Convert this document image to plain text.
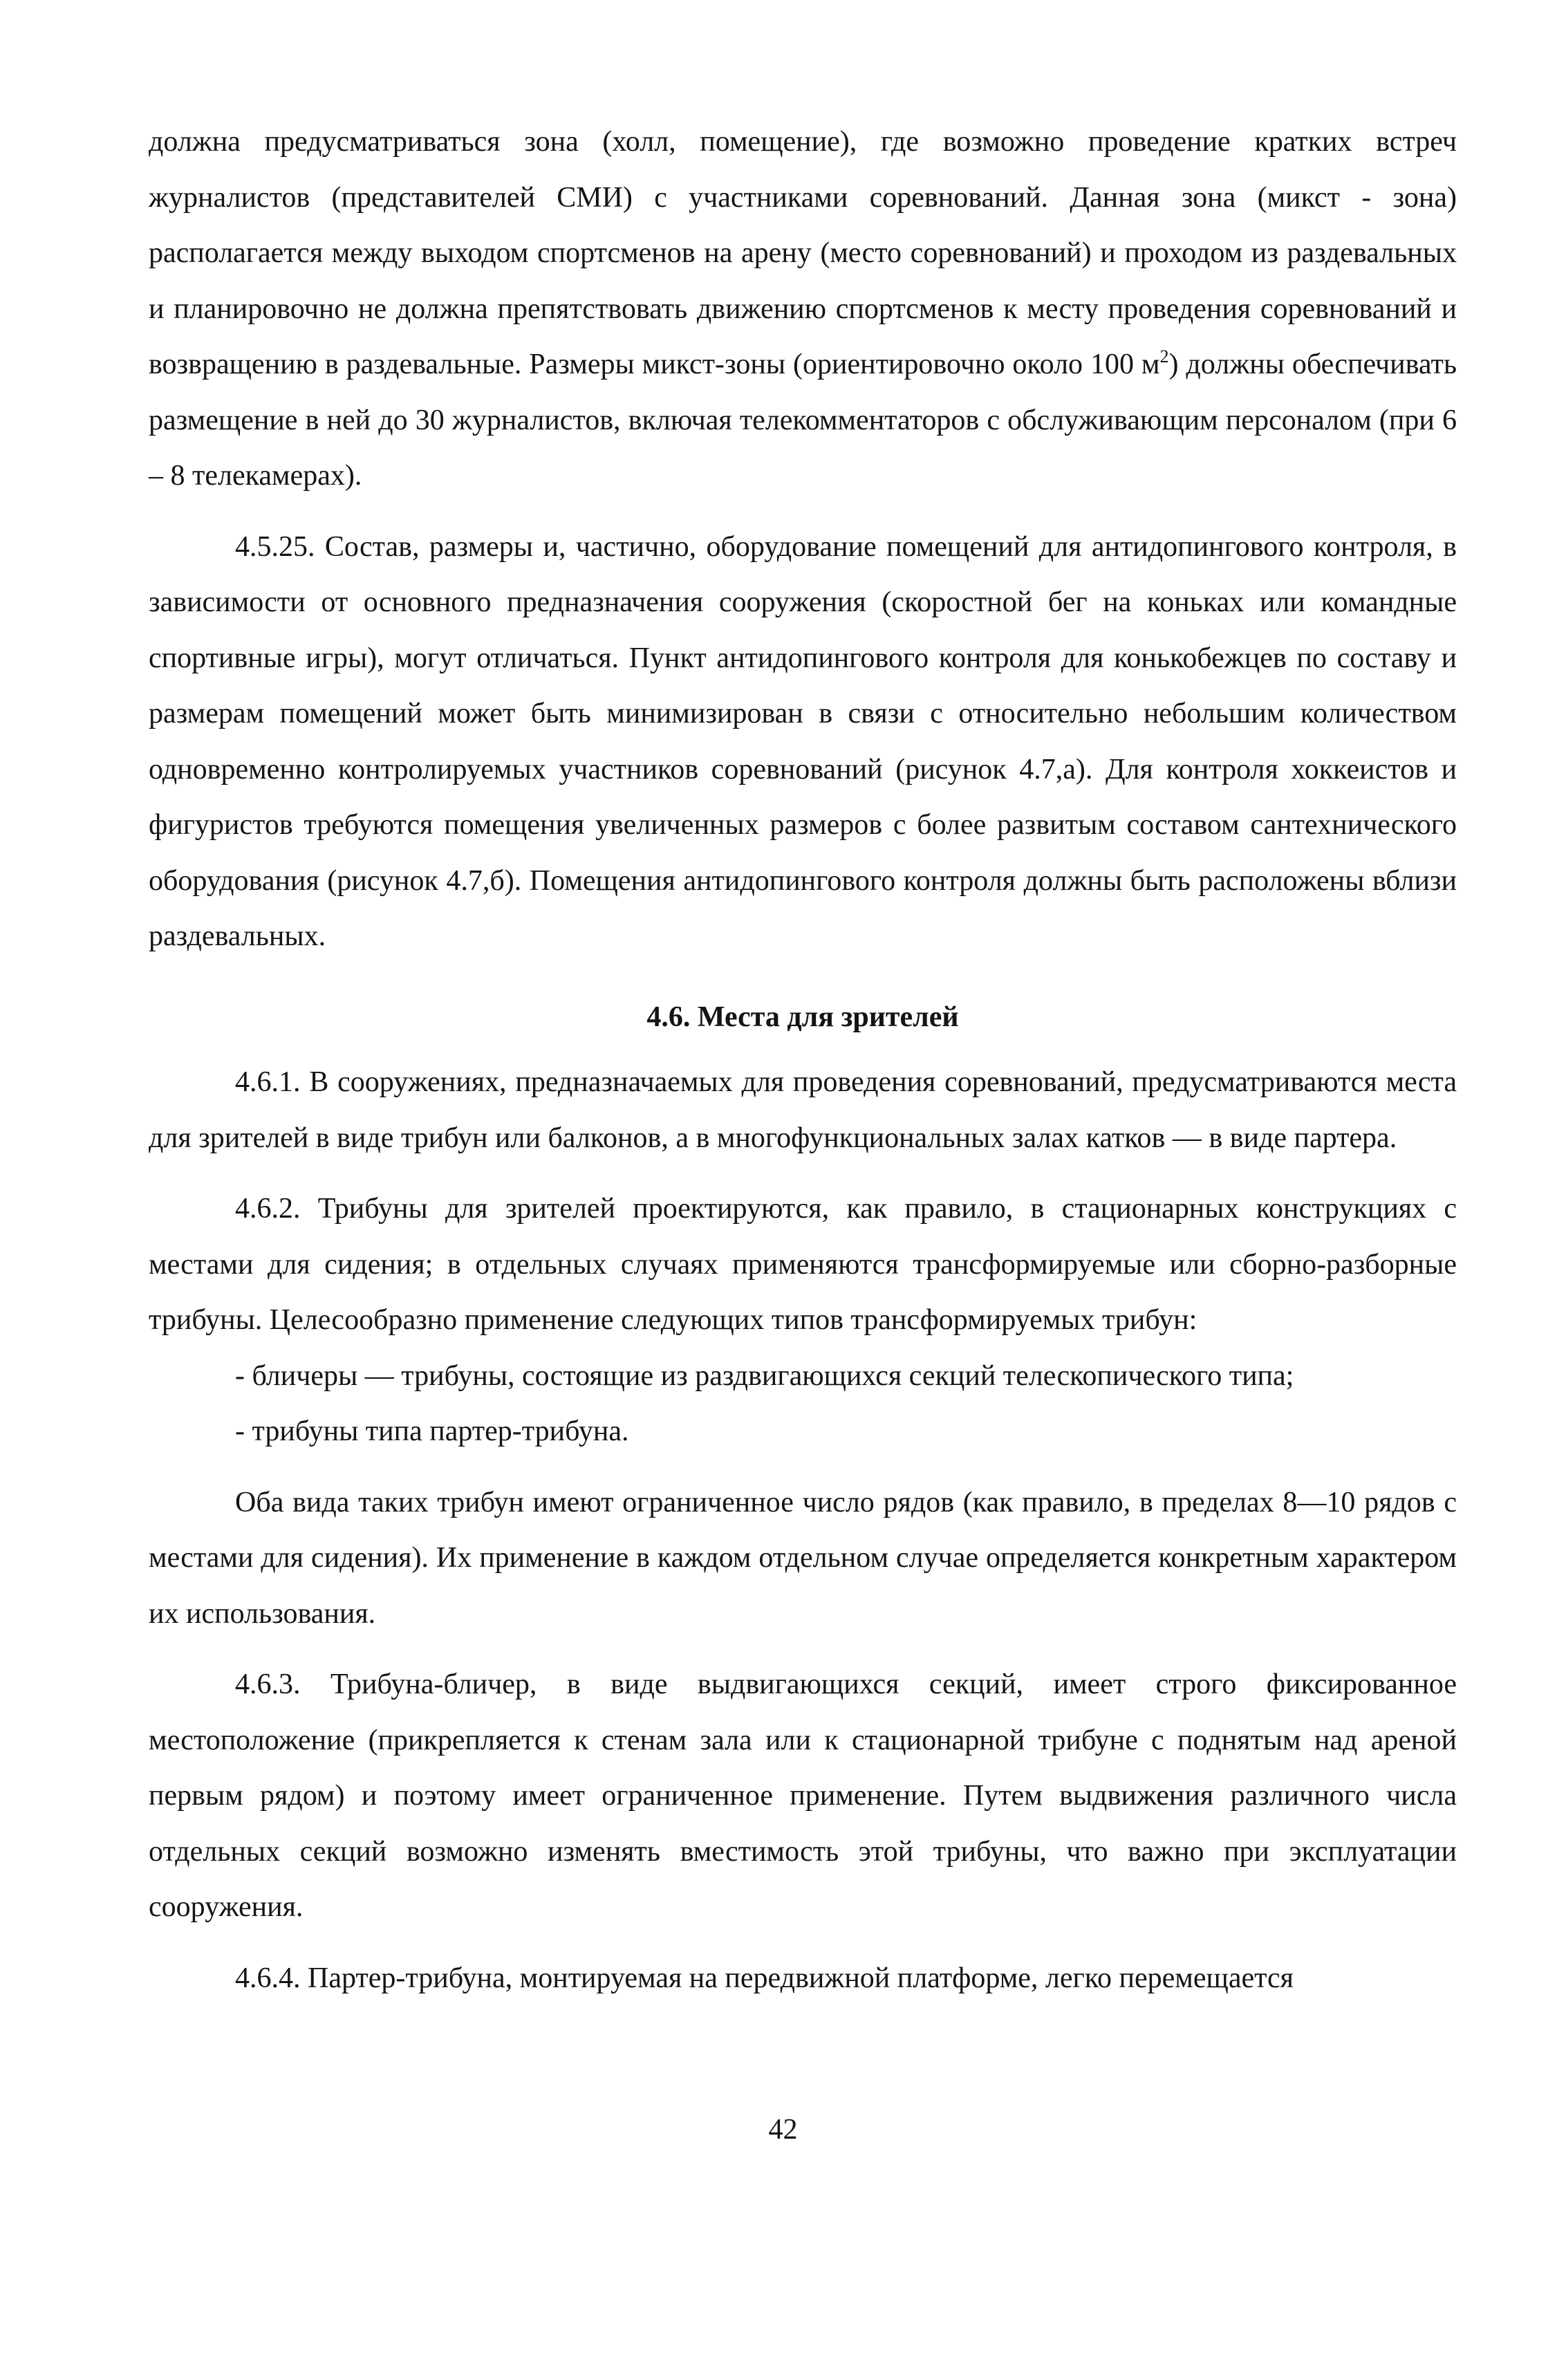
должна предусматриваться зона (холл, помещение), где возможно проведение кратких встреч журналистов (представителей СМИ) с участниками соревнований. Данная зона (микст - зона) располагается между выходом спортсменов на арену (место соревнований) и проходом из раздевальных и планировочно не должна препятствовать движению спортсменов к месту проведения соревнований и возвращению в раздевальные. Размеры микст-зоны (ориентировочно около 100 $м^2$) должны обеспечивать размещение в ней до 30 журналистов, включая телекомментаторов с обслуживающим персоналом (при 6 – 8 телекамерах).

4.5.25. Состав, размеры и, частично, оборудование помещений для антидопингового контроля, в зависимости от основного предназначения сооружения (скоростной бег на коньках или командные спортивные игры), могут отличаться. Пункт антидопингового контроля для конькобежцев по составу и размерам помещений может быть минимизирован в связи с относительно небольшим количеством одновременно контролируемых участников соревнований (рисунок 4.7,а). Для контроля хоккеистов и фигуристов требуются помещения увеличенных размеров с более развитым составом сантехнического оборудования (рисунок 4.7,б). Помещения антидопингового контроля должны быть расположены вблизи раздевальных.

4.6. Места для зрителей

4.6.1. В сооружениях, предназначаемых для проведения соревнований, предусматриваются места для зрителей в виде трибун или балконов, а в многофункциональных залах катков — в виде партера.

4.6.2. Трибуны для зрителей проектируются, как правило, в стационарных конструкциях с местами для сидения; в отдельных случаях применяются трансформируемые или сборно-разборные трибуны. Целесообразно применение следующих типов трансформируемых трибун:

- бличеры — трибуны, состоящие из раздвигающихся секций телескопического типа;

- трибуны типа партер-трибуна.

Оба вида таких трибун имеют ограниченное число рядов (как правило, в пределах 8—10 рядов с местами для сидения). Их применение в каждом отдельном случае определяется конкретным характером их использования.

4.6.3. Трибуна-бличер, в виде выдвигающихся секций, имеет строго фиксированное местоположение (прикрепляется к стенам зала или к стационарной трибуне с поднятым над ареной первым рядом) и поэтому имеет ограниченное применение. Путем выдвижения различного числа отдельных секций возможно изменять вместимость этой трибуны, что важно при эксплуатации сооружения.

4.6.4. Партер-трибуна, монтируемая на передвижной платформе, легко перемещается

42
